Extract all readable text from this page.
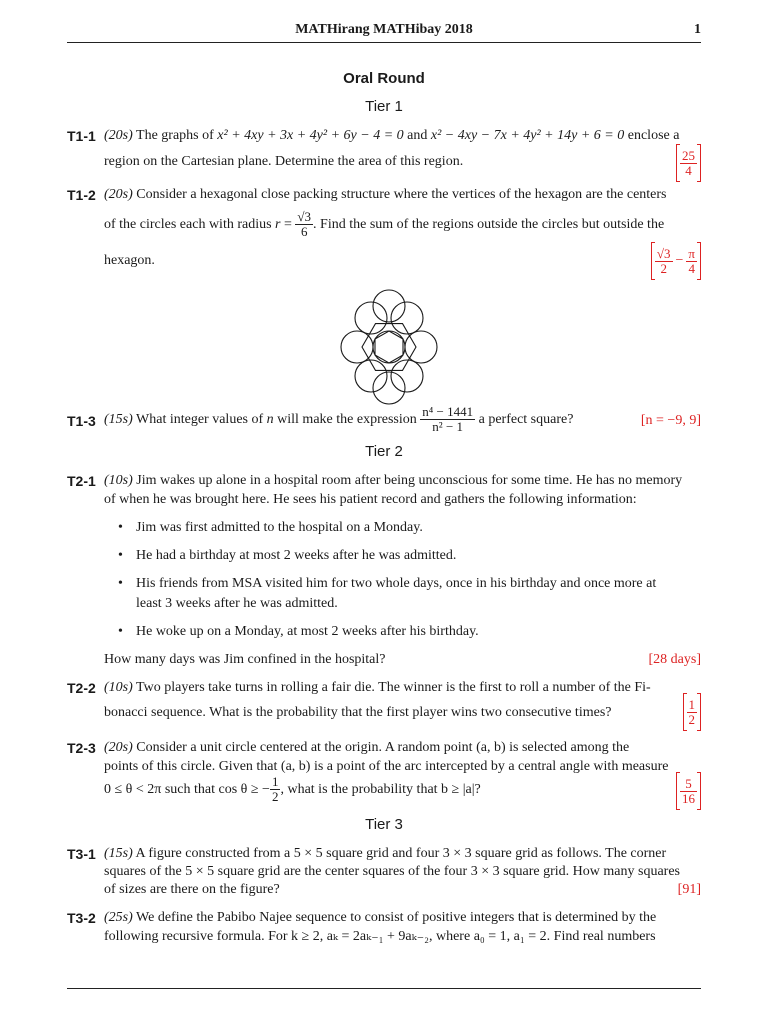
MATHirang MATHibay 2018	1
Oral Round
Tier 1
T1-1 (20s) The graphs of x² + 4xy + 3x + 4y² + 6y − 4 = 0 and x² − 4xy − 7x + 4y² + 14y + 6 = 0 enclose a
region on the Cartesian plane. Determine the area of this region.	$\frac{25}{4}$
T1-2 (20s) Consider a hexagonal close packing structure where the vertices of the hexagon are the centers
of the circles each with radius $r = \frac{√3}{6}$ . Find the sum of the regions outside the circles but outside the
hexagon.	$\frac{√3}{2} - \frac{\pi}{4}$
T1-3 (15s) What integer values of n will make the expression $\frac{\text{n⁴ − 1441}}{\text{n² − 1}}$ a perfect square?	[n = −9, 9]
Tier 2
T2-1 (10s) Jim wakes up alone in a hospital room after being unconscious for some time. He has no memory
of when he was brought here. He sees his patient record and gathers the following information:
• Jim was first admitted to the hospital on a Monday.
• He had a birthday at most 2 weeks after he was admitted.
• His friends from MSA visited him for two whole days, once in his birthday and once more at
least 3 weeks after he was admitted.
• He woke up on a Monday, at most 2 weeks after his birthday.
How many days was Jim confined in the hospital?	[28 days]
T2-2 (10s) Two players take turns in rolling a fair die. The winner is the first to roll a number of the Fi-
bonacci sequence. What is the probability that the first player wins two consecutive times?	$\frac{1}{2}$
T2-3 (20s) Consider a unit circle centered at the origin. A random point (a, b) is selected among the
points of this circle. Given that (a, b) is a point of the arc intercepted by a central angle with measure
0 ≤ θ < 2π such that cos θ ≥ − $\frac{1}{2}$ , what is the probability that b ≥ |a|?	$\frac{5}{16}$
Tier 3
T3-1 (15s) A figure constructed from a 5 × 5 square grid and four 3 × 3 square grid as follows. The corner
squares of the 5 × 5 square grid are the center squares of the four 3 × 3 square grid. How many squares
of sizes are there on the figure?	[91]
T3-2 (25s) We define the Pabibo Najee sequence to consist of positive integers that is determined by the
following recursive formula. For k ≥ 2, aₖ = 2aₖ₋₁ + 9aₖ₋₂, where a₀ = 1, a₁ = 2. Find real numbers
